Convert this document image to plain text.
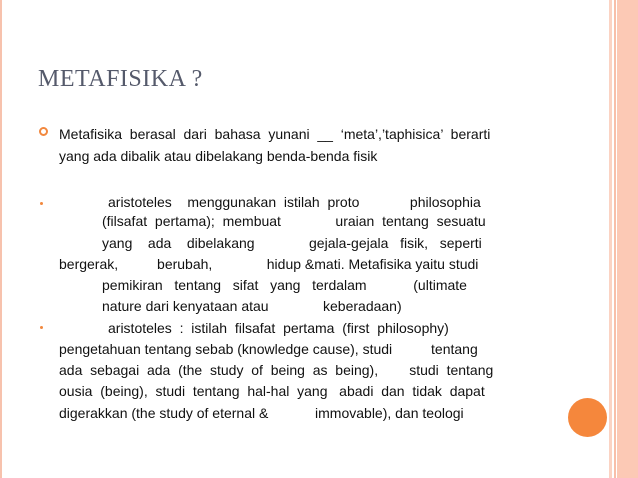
METAFISIKA ?
Metafisika  berasal  dari  bahasa  yunani  __  ‘meta’,’taphisica’  berarti
yang ada dibalik atau dibelakang benda-benda fisik
aristoteles    menggunakan  istilah  proto             philosophia
(filsafat  pertama);  membuat              uraian  tentang  sesuatu
yang    ada    dibelakang              gejala-gejala   fisik,   seperti
bergerak,          berubah,              hidup &mati. Metafisika yaitu studi
pemikiran   tentang   sifat   yang   terdalam            (ultimate
nature dari kenyataan atau              keberadaan)
aristoteles  :  istilah  filsafat  pertama  (first  philosophy)
pengetahuan tentang sebab (knowledge cause), studi          tentang
ada  sebagai  ada  (the  study  of  being  as  being),        studi  tentang
ousia  (being),  studi  tentang  hal-hal  yang   abadi  dan  tidak  dapat
digerakkan (the study of eternal &            immovable), dan teologi
